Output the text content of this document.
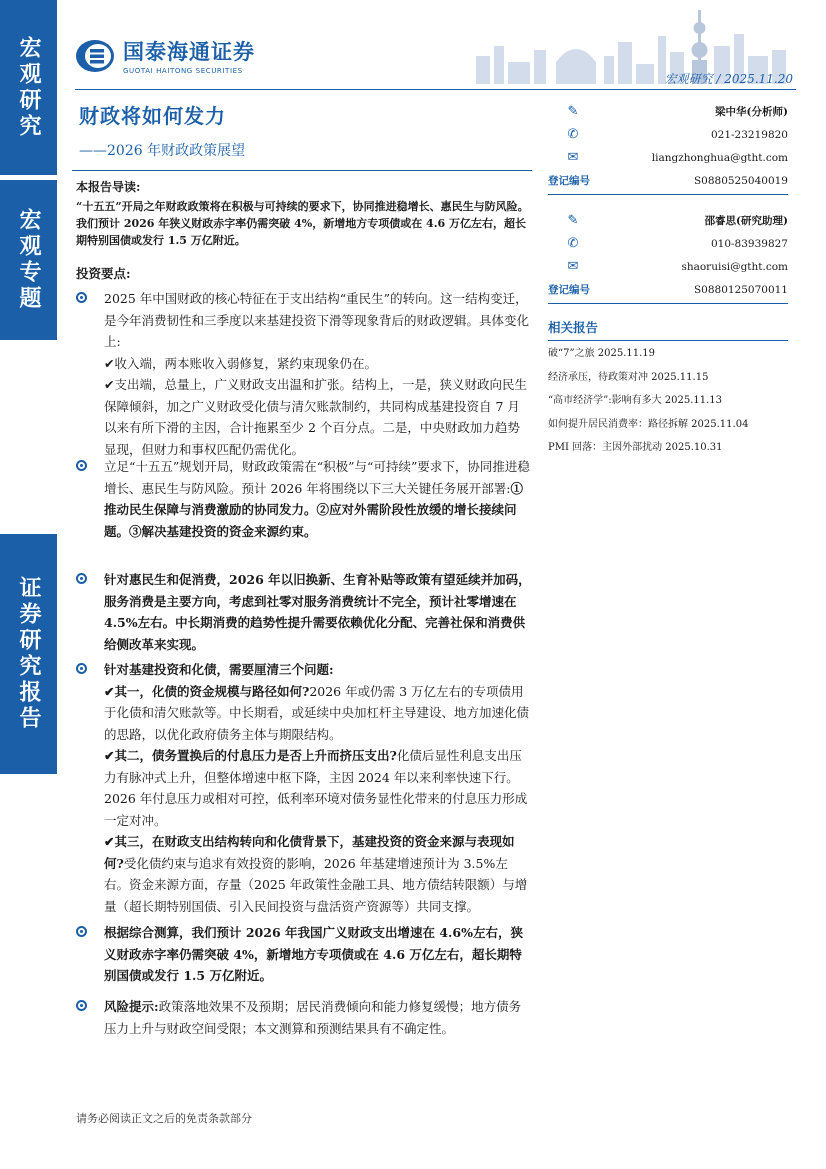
宏观研究
宏观专题
证券研究报告
国泰海通证券
GUOTAI HAITONG SECURITIES
宏观研究 / 2025.11.20
财政将如何发力
——2026 年财政政策展望
本报告导读:
“十五五”开局之年财政政策将在积极与可持续的要求下，协同推进稳增长、惠民生与防风险。我们预计 2026 年狭义财政赤字率仍需突破 4%，新增地方专项债或在 4.6 万亿左右，超长期特别国债或发行 1.5 万亿附近。
投资要点:
2025 年中国财政的核心特征在于支出结构“重民生”的转向。这一结构变迁，是今年消费韧性和三季度以来基建投资下滑等现象背后的财政逻辑。具体变化上:
✔收入端，两本账收入弱修复，紧约束现象仍在。
✔支出端，总量上，广义财政支出温和扩张。结构上，一是，狭义财政向民生保障倾斜，加之广义财政受化债与清欠账款制约，共同构成基建投资自 7 月以来有所下滑的主因，合计拖累至少 2 个百分点。二是，中央财政加力趋势显现，但财力和事权匹配仍需优化。
立足“十五五”规划开局，财政政策需在“积极”与“可持续”要求下，协同推进稳增长、惠民生与防风险。预计 2026 年将围绕以下三大关键任务展开部署:①推动民生保障与消费激励的协同发力。②应对外需阶段性放缓的增长接续问题。③解决基建投资的资金来源约束。
针对惠民生和促消费，2026 年以旧换新、生育补贴等政策有望延续并加码，服务消费是主要方向，考虑到社零对服务消费统计不完全，预计社零增速在 4.5%左右。中长期消费的趋势性提升需要依赖优化分配、完善社保和消费供给侧改革来实现。
针对基建投资和化债，需要厘清三个问题:
✔其一，化债的资金规模与路径如何?2026 年或仍需 3 万亿左右的专项债用于化债和清欠账款等。中长期看，或延续中央加杠杆主导建设、地方加速化债的思路，以优化政府债务主体与期限结构。
✔其二，债务置换后的付息压力是否上升而挤压支出?化债后显性利息支出压力有脉冲式上升，但整体增速中枢下降，主因 2024 年以来利率快速下行。2026 年付息压力或相对可控，低利率环境对债务显性化带来的付息压力形成一定对冲。
✔其三，在财政支出结构转向和化债背景下，基建投资的资金来源与表现如何?受化债约束与追求有效投资的影响，2026 年基建增速预计为 3.5%左右。资金来源方面，存量（2025 年政策性金融工具、地方债结转限额）与增量（超长期特别国债、引入民间投资与盘活资产资源等）共同支撑。
根据综合测算，我们预计 2026 年我国广义财政支出增速在 4.6%左右，狭义财政赤字率仍需突破 4%，新增地方专项债或在 4.6 万亿左右，超长期特别国债或发行 1.5 万亿附近。
风险提示:政策落地效果不及预期；居民消费倾向和能力修复缓慢；地方债务压力上升与财政空间受限；本文测算和预测结果具有不确定性。
✎	梁中华(分析师)
✆	021-23219820
✉	liangzhonghua@gtht.com
登记编号	S0880525040019
✎	邵睿思(研究助理)
✆	010-83939827
✉	shaoruisi@gtht.com
登记编号	S0880125070011
相关报告
破“7”之旅 2025.11.19
经济承压，待政策对冲 2025.11.15
“高市经济学”:影响有多大 2025.11.13
如何提升居民消费率：路径拆解 2025.11.04
PMI 回落：主因外部扰动 2025.10.31
请务必阅读正文之后的免责条款部分
